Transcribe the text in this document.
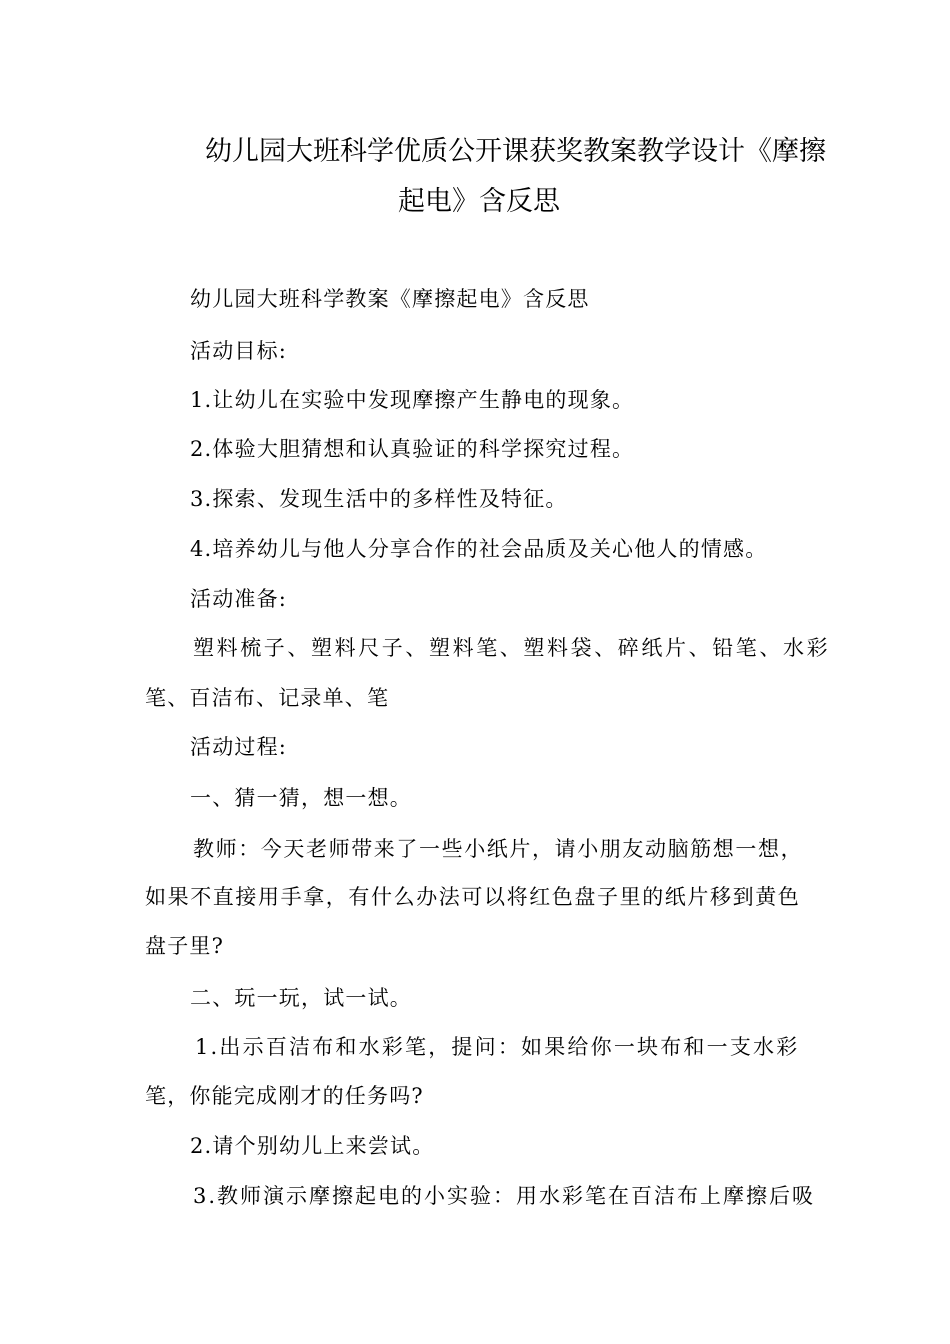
幼儿园大班科学优质公开课获奖教案教学设计《摩擦
起电》含反思
幼儿园大班科学教案《摩擦起电》含反思
活动目标:
1.让幼儿在实验中发现摩擦产生静电的现象。
2.体验大胆猜想和认真验证的科学探究过程。
3.探索、发现生活中的多样性及特征。
4.培养幼儿与他人分享合作的社会品质及关心他人的情感。
活动准备:
塑料梳子、塑料尺子、塑料笔、塑料袋、碎纸片、铅笔、水彩
笔、百洁布、记录单、笔
活动过程:
一、猜一猜，想一想。
教师：今天老师带来了一些小纸片，请小朋友动脑筋想一想，
如果不直接用手拿，有什么办法可以将红色盘子里的纸片移到黄色
盘子里?
二、玩一玩，试一试。
1.出示百洁布和水彩笔，提问：如果给你一块布和一支水彩
笔，你能完成刚才的任务吗?
2.请个别幼儿上来尝试。
3.教师演示摩擦起电的小实验：用水彩笔在百洁布上摩擦后吸
